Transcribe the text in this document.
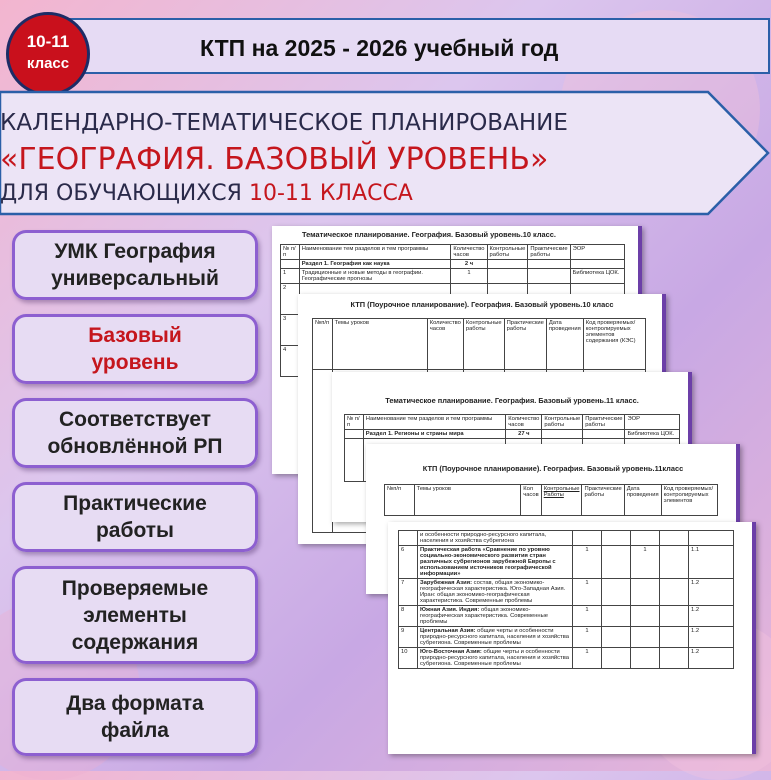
КТП на 2025 - 2026 учебный год
10-11
класс
КАЛЕНДАРНО-ТЕМАТИЧЕСКОЕ ПЛАНИРОВАНИЕ
«ГЕОГРАФИЯ. БАЗОВЫЙ УРОВЕНЬ»
ДЛЯ ОБУЧАЮЩИХСЯ 10-11 КЛАССА
УМК География
универсальный
Базовый
уровень
Соответствует
обновлённой РП
Практические
работы
Проверяемые
элементы
содержания
Два формата
файла
Тематическое планирование. География. Базовый уровень.10 класс.
№ п/п	Наименование тем разделов и тем программы	Количество часов	Контрольные работы	Практические работы	ЭОР
	Раздел 1. География как наука	2 ч			
1	Традиционные и новые методы в географии. Географические прогнозы	1			Библиотека ЦОК.
2					
3					
4					
КТП (Поурочное планирование). География. Базовый уровень.10 класс
№п/п	Темы уроков	Количество часов	Контрольные работы	Практические работы	Дата проведения	Код проверяемых/ контролируемых элементов содержания (КЭС)

Тематическое планирование. География. Базовый уровень.11 класс.
№ п/п	Наименование тем разделов и тем программы	Количество часов	Контрольные работы	Практические работы	ЭОР
	Раздел 1. Регионы и страны мира	27 ч			Библиотека ЦОК.

КТП (Поурочное планирование). География. Базовый уровень.11класс
№п/п	Темы уроков	Кол часов	Контрольные Работы	Практические работы	Дата проведения	Код проверяемых/ контролируемых элементов
	и особенности природно-ресурсного капитала, населения и хозяйства субрегиона					
6	Практическая работа «Сравнение по уровню социально-экономического развития стран различных субрегионов зарубежной Европы с использованием источников географической информации»	1		1		1.1
7	Зарубежная Азия: состав, общая экономико-географическая характеристика. Юго-Западная Азия. Иран: общая экономико-географическая характеристика. Современные проблемы	1				1.2
8	Южная Азия. Индия: общая экономико-географическая характеристика. Современные проблемы	1				1.2
9	Центральная Азия: общие черты и особенности природно-ресурсного капитала, населения и хозяйства субрегиона. Современные проблемы	1				1.2
10	Юго-Восточная Азия: общие черты и особенности природно-ресурсного капитала, населения и хозяйства субрегиона. Современные проблемы	1				1.2
